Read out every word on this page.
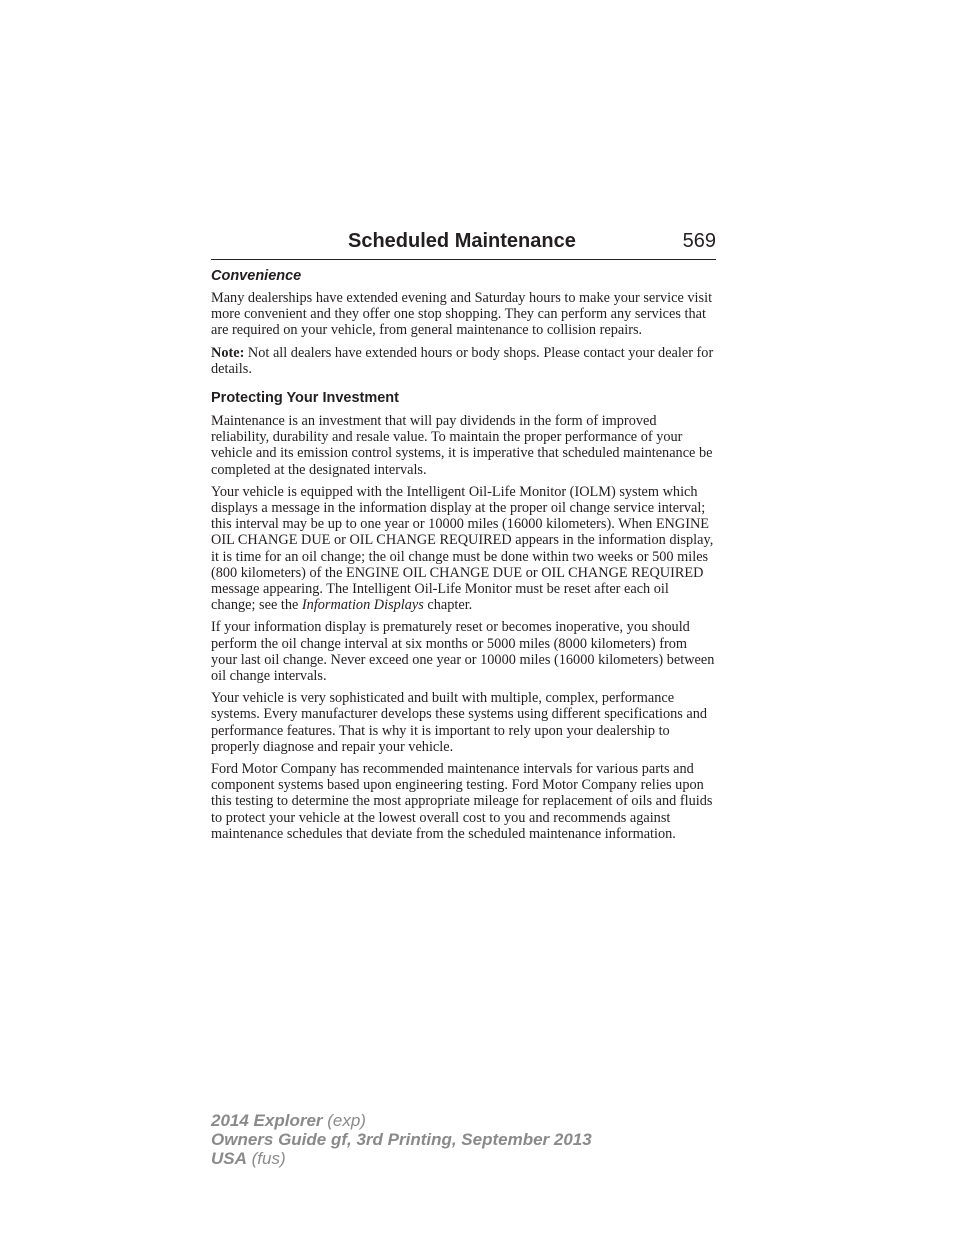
Scheduled Maintenance	569
Convenience

Many dealerships have extended evening and Saturday hours to make your service visit more convenient and they offer one stop shopping. They can perform any services that are required on your vehicle, from general maintenance to collision repairs.

Note: Not all dealers have extended hours or body shops. Please contact your dealer for details.

Protecting Your Investment

Maintenance is an investment that will pay dividends in the form of improved reliability, durability and resale value. To maintain the proper performance of your vehicle and its emission control systems, it is imperative that scheduled maintenance be completed at the designated intervals.

Your vehicle is equipped with the Intelligent Oil-Life Monitor (IOLM) system which displays a message in the information display at the proper oil change service interval; this interval may be up to one year or 10000 miles (16000 kilometers). When ENGINE OIL CHANGE DUE or OIL CHANGE REQUIRED appears in the information display, it is time for an oil change; the oil change must be done within two weeks or 500 miles (800 kilometers) of the ENGINE OIL CHANGE DUE or OIL CHANGE REQUIRED message appearing. The Intelligent Oil-Life Monitor must be reset after each oil change; see the Information Displays chapter.

If your information display is prematurely reset or becomes inoperative, you should perform the oil change interval at six months or 5000 miles (8000 kilometers) from your last oil change. Never exceed one year or 10000 miles (16000 kilometers) between oil change intervals.

Your vehicle is very sophisticated and built with multiple, complex, performance systems. Every manufacturer develops these systems using different specifications and performance features. That is why it is important to rely upon your dealership to properly diagnose and repair your vehicle.

Ford Motor Company has recommended maintenance intervals for various parts and component systems based upon engineering testing. Ford Motor Company relies upon this testing to determine the most appropriate mileage for replacement of oils and fluids to protect your vehicle at the lowest overall cost to you and recommends against maintenance schedules that deviate from the scheduled maintenance information.

2014 Explorer (exp)
Owners Guide gf, 3rd Printing, September 2013
USA (fus)
